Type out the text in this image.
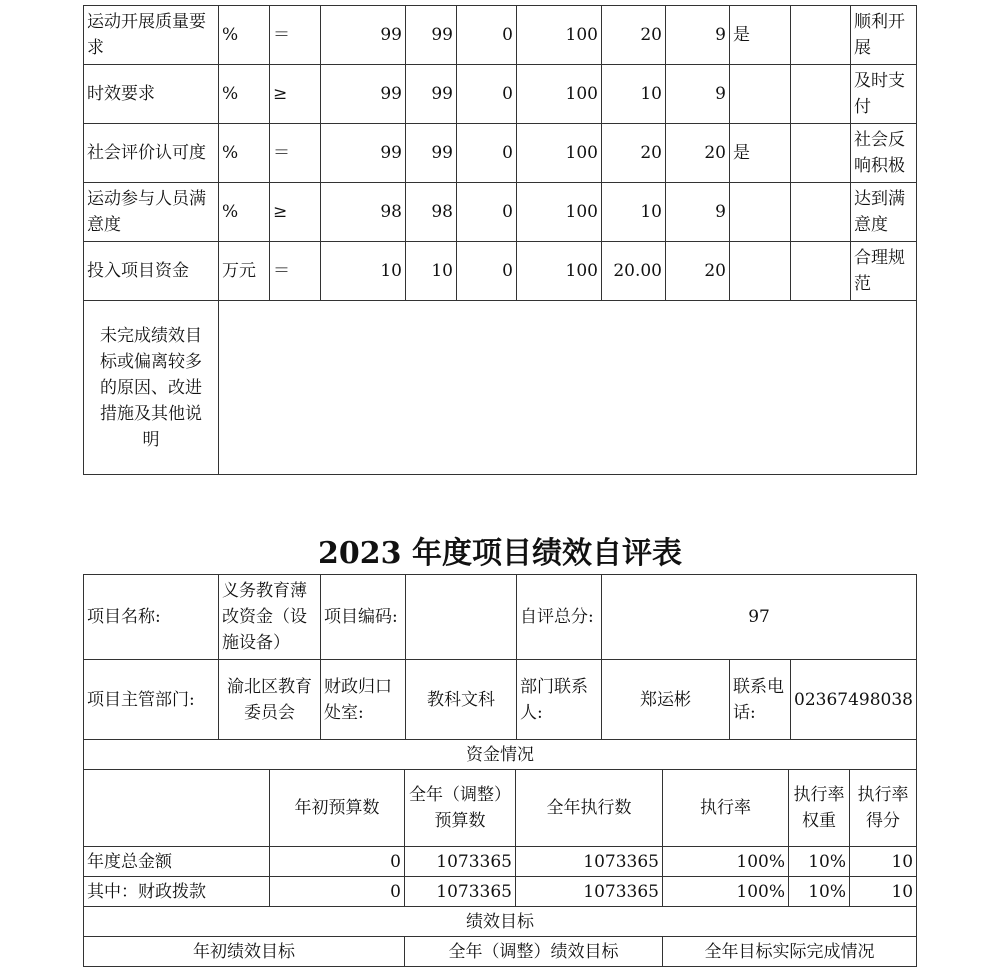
运动开展质量要求	%	＝	99	99	0	100	20	9	是		顺利开展
时效要求	%	≥	99	99	0	100	10	9			及时支付
社会评价认可度	%	＝	99	99	0	100	20	20	是		社会反响积极
运动参与人员满意度	%	≥	98	98	0	100	10	9			达到满意度
投入项目资金	万元	＝	10	10	0	100	20.00	20			合理规范
未完成绩效目标或偏离较多的原因、改进措施及其他说明											
2023 年度项目绩效自评表
项目名称:	义务教育薄改资金（设施设备）	项目编码:		自评总分:	97
项目主管部门:	渝北区教育委员会	财政归口处室:	教科文科	部门联系人:	郑运彬	联系电话:	02367498038
资金情况						
	年初预算数	全年（调整）预算数	全年执行数	执行率	执行率权重	执行率得分
年度总金额	0	1073365	1073365	100%	10%	10
其中：财政拨款	0	1073365	1073365	100%	10%	10
绩效目标						
年初绩效目标		全年（调整）绩效目标		全年目标实际完成情况		
